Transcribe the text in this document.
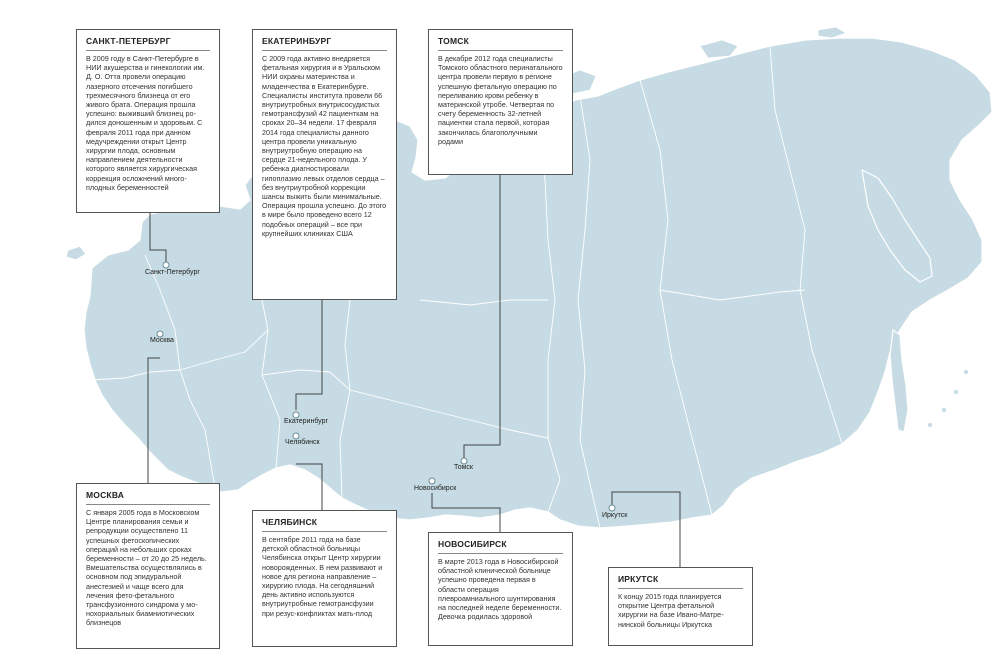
Санкт-Петербург
Москва
Екатеринбург
Челябинск
Томск
Новосибирск
Иркутск
САНКТ-ПЕТЕРБУРГ
В 2009 году в Санкт-Петербурге в НИИ акушерства и гинекологии им. Д. О. Отта провели операцию лазерного отсечения погибшего трехмесячного близнеца от его живого брата. Операция прошла успешно: выживший близнец родился доношенным и здоровым. С февраля 2011 года при данном медучреждении открыт Центр хирургии плода, основным направлением деятельности которого является хирургическая коррекция осложнений многоплодных беременностей
ЕКАТЕРИНБУРГ
С 2009 года активно внедряется фетальная хирургия и в Уральском НИИ охраны материнства и младенчества в Екатеринбурге. Специалисты института провели 66 внутриутробных внутрисосудистых гемотрансфузий 42 пациенткам на сроках 20–34 недели. 17 февраля 2014 года специалисты данного центра провели уникальную внутриутробную операцию на сердце 21-недельного плода. У ребенка диагностировали гипоплазию левых отделов сердца – без внутриутробной коррекции шансы выжить были минимальные. Операция прошла успешно. До этого в мире было проведено всего 12 подобных операций – все при крупнейших клиниках США
ТОМСК
В декабре 2012 года специалисты Томского областного перинатального центра провели первую в регионе успешную фетальную операцию по переливанию крови ребенку в материнской утробе. Четвертая по счету беременность 32-летней пациентки стала первой, которая закончилась благополучными родами
МОСКВА
С января 2005 года в Московском Центре планирования семьи и репродукции осуществлено 11 успешных фетоскопических операций на небольших сроках беременности – от 20 до 25 недель. Вмешательства осуществлялись в основном под эпидуральной анестезией и чаще всего для лечения фето-фетального трансфузионного синдрома у монохориальных биамниотических близнецов
ЧЕЛЯБИНСК
В сентябре 2011 года на базе детской областной больницы Челябинска открыт Центр хирургии новорожденных. В нем развивают и новое для региона направление – хирургию плода. На сегодняшний день активно используются внутриутробные гемотрансфузии при резус-конфликтах мать-плод
НОВОСИБИРСК
В марте 2013 года в Новосибирской областной клинической больнице успешно проведена первая в области операция плевроамниального шунтирования на последней неделе беременности. Девочка родилась здоровой
ИРКУТСК
К концу 2015 года планируется открытие Центра фетальной хирургии на базе Ивано-Матренинской больницы Иркутска
